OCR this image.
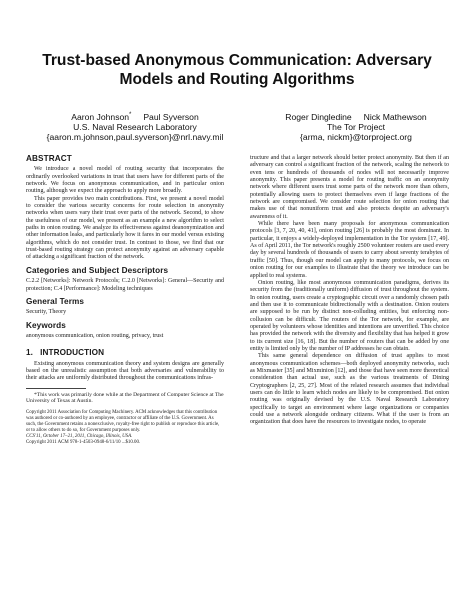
Trust-based Anonymous Communication: Adversary
Models and Routing Algorithms
Aaron Johnson*     Paul Syverson
U.S. Naval Research Laboratory
{aaron.m.johnson,paul.syverson}@nrl.navy.mil
Roger Dingledine     Nick Mathewson
The Tor Project
{arma, nickm}@torproject.org
ABSTRACT

We introduce a novel model of routing security that incorporates the ordinarily overlooked variations in trust that users have for different parts of the network. We focus on anonymous communication, and in particular onion routing, although we expect the approach to apply more broadly.

This paper provides two main contributions. First, we present a novel model to consider the various security concerns for route selection in anonymity networks when users vary their trust over parts of the network. Second, to show the usefulness of our model, we present as an example a new algorithm to select paths in onion routing. We analyze its effectiveness against deanonymization and other information leaks, and particularly how it fares in our model versus existing algorithms, which do not consider trust. In contrast to those, we find that our trust-based routing strategy can protect anonymity against an adversary capable of attacking a significant fraction of the network.

Categories and Subject Descriptors

C.2.2 [Networks]: Network Protocols; C.2.0 [Networks]: General—Security and protection; C.4 [Performance]: Modeling techniques

General Terms

Security, Theory

Keywords

anonymous communication, onion routing, privacy, trust

1.   INTRODUCTION

Existing anonymous communication theory and system designs are generally based on the unrealistic assumption that both adversaries and vulnerability to their attacks are uniformly distributed throughout the communications infras-

*This work was primarily done while at the Department of Computer Science at The University of Texas at Austin.

Copyright 2011 Association for Computing Machinery. ACM acknowledges that this contribution was authored or co-authored by an employee, contractor or affiliate of the U.S. Government. As such, the Government retains a nonexclusive, royalty-free right to publish or reproduce this article, or to allow others to do so, for Government purposes only.
CCS'11, October 17–21, 2011, Chicago, Illinois, USA.
Copyright 2011 ACM 978-1-4503-0948-6/11/10 ...$10.00.

tructure and that a larger network should better protect anonymity. But then if an adversary can control a significant fraction of the network, scaling the network to even tens or hundreds of thousands of nodes will not necessarily improve anonymity. This paper presents a model for routing traffic on an anonymity network where different users trust some parts of the network more than others, potentially allowing users to protect themselves even if large fractions of the network are compromised. We consider route selection for onion routing that makes use of that nonuniform trust and also protects despite an adversary's awareness of it.

While there have been many proposals for anonymous communication protocols [3, 7, 20, 40, 41], onion routing [26] is probably the most dominant. In particular, it enjoys a widely-deployed implementation in the Tor system [17, 49]. As of April 2011, the Tor network's roughly 2500 volunteer routers are used every day by several hundreds of thousands of users to carry about seventy terabytes of traffic [50]. Thus, though our model can apply to many protocols, we focus on onion routing for our examples to illustrate that the theory we introduce can be applied to real systems.

Onion routing, like most anonymous communication paradigms, derives its security from the (traditionally uniform) diffusion of trust throughout the system. In onion routing, users create a cryptographic circuit over a randomly chosen path and then use it to communicate bidirectionally with a destination. Onion routers are supposed to be run by distinct non-colluding entities, but enforcing non-collusion can be difficult. The routers of the Tor network, for example, are operated by volunteers whose identities and intentions are unverified. This choice has provided the network with the diversity and flexibility that has helped it grow to its current size [16, 18]. But the number of routers that can be added by one entity is limited only by the number of IP addresses he can obtain.

This same general dependence on diffusion of trust applies to most anonymous communication schemes—both deployed anonymity networks, such as Mixmaster [35] and Mixminion [12], and those that have seen more theoretical consideration than actual use, such as the various treatments of Dining Cryptographers [2, 25, 27]. Most of the related research assumes that individual users can do little to learn which nodes are likely to be compromised. But onion routing was originally devised by the U.S. Naval Research Laboratory specifically to target an environment where large organizations or companies could use a network alongside ordinary citizens. What if the user is from an organization that does have the resources to investigate nodes, to operate
